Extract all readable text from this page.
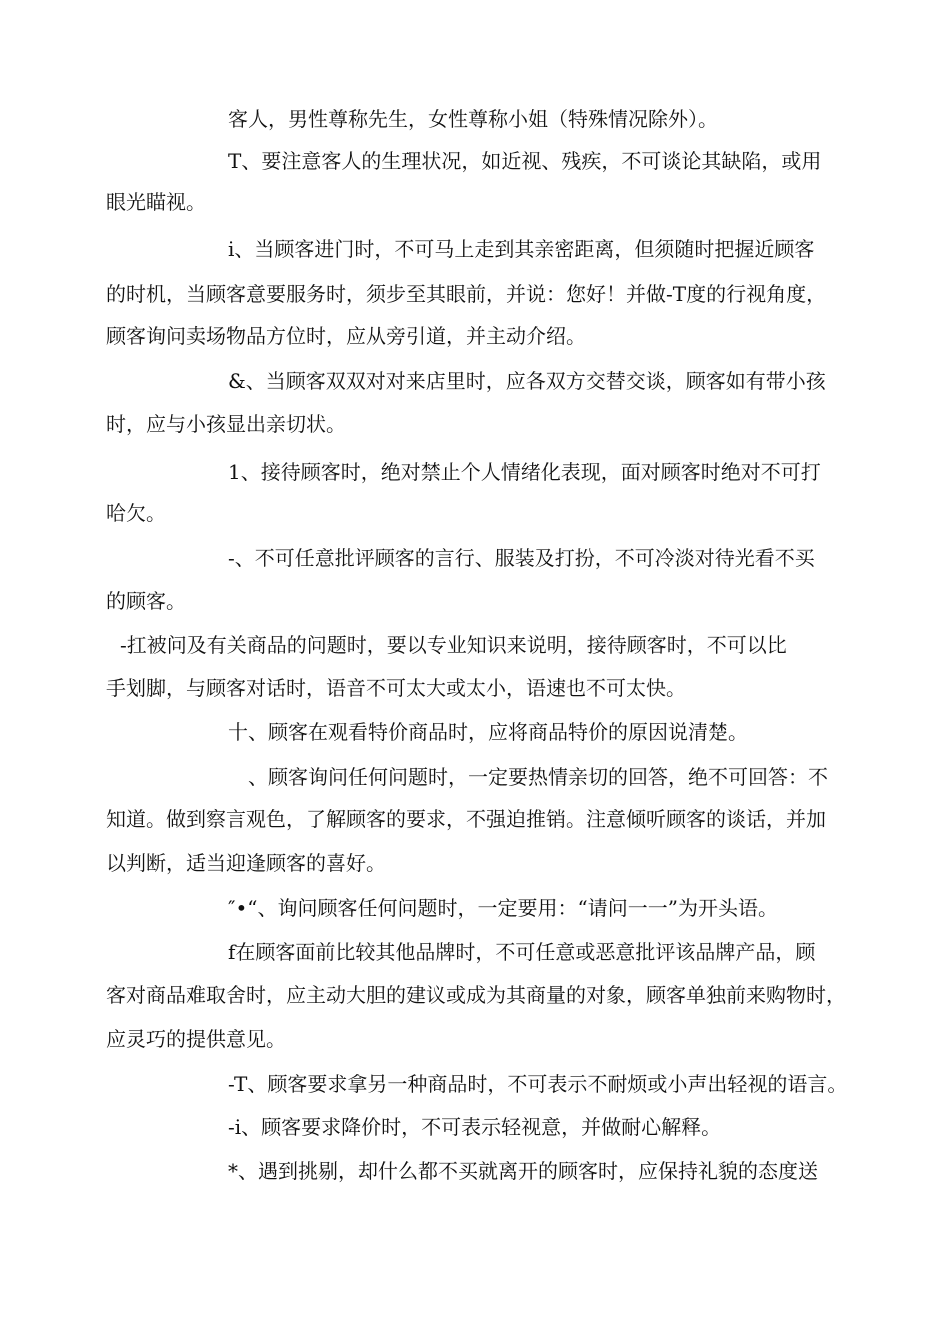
客人，男性尊称先生，女性尊称小姐（特殊情况除外）。
T、要注意客人的生理状况，如近视、残疾，不可谈论其缺陷，或用
眼光瞄视。
i、当顾客进门时，不可马上走到其亲密距离，但须随时把握近顾客
的时机，当顾客意要服务时，须步至其眼前，并说：您好！并做-T度的行视角度，
顾客询问卖场物品方位时，应从旁引道，并主动介绍。
&、当顾客双双对对来店里时，应各双方交替交谈，顾客如有带小孩
时，应与小孩显出亲切状。
1、接待顾客时，绝对禁止个人情绪化表现，面对顾客时绝对不可打
哈欠。
-、不可任意批评顾客的言行、服装及打扮，不可冷淡对待光看不买
的顾客。
-扛被问及有关商品的问题时，要以专业知识来说明，接待顾客时，不可以比
手划脚，与顾客对话时，语音不可太大或太小，语速也不可太快。
十、顾客在观看特价商品时，应将商品特价的原因说清楚。
、顾客询问任何问题时，一定要热情亲切的回答，绝不可回答：不
知道。做到察言观色，了解顾客的要求，不强迫推销。注意倾听顾客的谈话，并加
以判断，适当迎逢顾客的喜好。
″•“、询问顾客任何问题时，一定要用：“请问一一”为开头语。
f在顾客面前比较其他品牌时，不可任意或恶意批评该品牌产品，顾
客对商品难取舍时，应主动大胆的建议或成为其商量的对象，顾客单独前来购物时，
应灵巧的提供意见。
-T、顾客要求拿另一种商品时，不可表示不耐烦或小声出轻视的语言。
-i、顾客要求降价时，不可表示轻视意，并做耐心解释。
*、遇到挑剔，却什么都不买就离开的顾客时，应保持礼貌的态度送
